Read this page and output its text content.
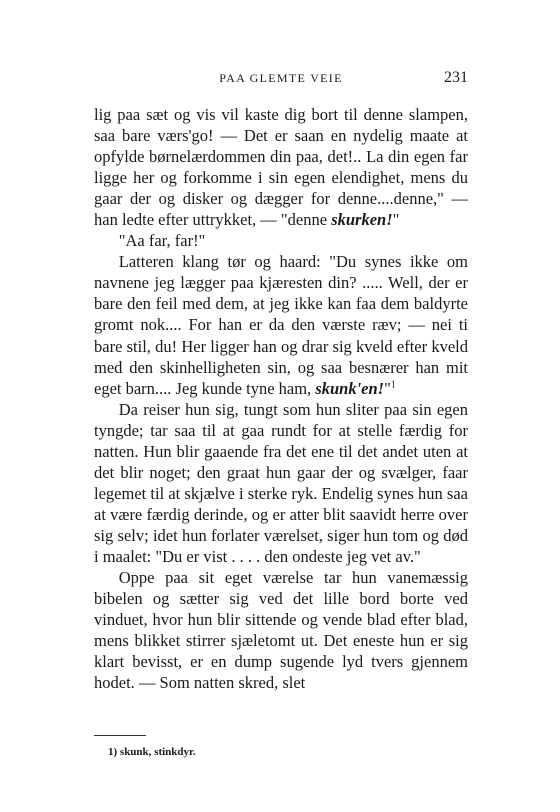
PAA GLEMTE VEIE	231

lig paa sæt og vis vil kaste dig bort til denne slampen, saa bare værs'go! — Det er saan en nydelig maate at opfylde børnelærdommen din paa, det!.. La din egen far ligge her og forkomme i sin egen elendighet, mens du gaar der og disker og dægger for denne....denne," — han ledte efter uttrykket, — "denne skurken!"

"Aa far, far!"

Latteren klang tør og haard: "Du synes ikke om navnene jeg lægger paa kjæresten din? ..... Well, der er bare den feil med dem, at jeg ikke kan faa dem baldyrte gromt nok.... For han er da den værste ræv; — nei ti bare stil, du! Her ligger han og drar sig kveld efter kveld med den skinhelligheten sin, og saa besnærer han mit eget barn.... Jeg kunde tyne ham, skunk'en!"$^1$

Da reiser hun sig, tungt som hun sliter paa sin egen tyngde; tar saa til at gaa rundt for at stelle færdig for natten. Hun blir gaaende fra det ene til det andet uten at det blir noget; den graat hun gaar der og svælger, faar legemet til at skjælve i sterke ryk. Endelig synes hun saa at være færdig derinde, og er atter blit saavidt herre over sig selv; idet hun forlater værelset, siger hun tom og død i maalet: "Du er vist . . . . den ondeste jeg vet av."

Oppe paa sit eget værelse tar hun vanemæssig bibelen og sætter sig ved det lille bord borte ved vinduet, hvor hun blir sittende og vende blad efter blad, mens blikket stirrer sjæletomt ut. Det eneste hun er sig klart bevisst, er en dump sugende lyd tvers gjennem hodet. — Som natten skred, slet

1) skunk, stinkdyr.
